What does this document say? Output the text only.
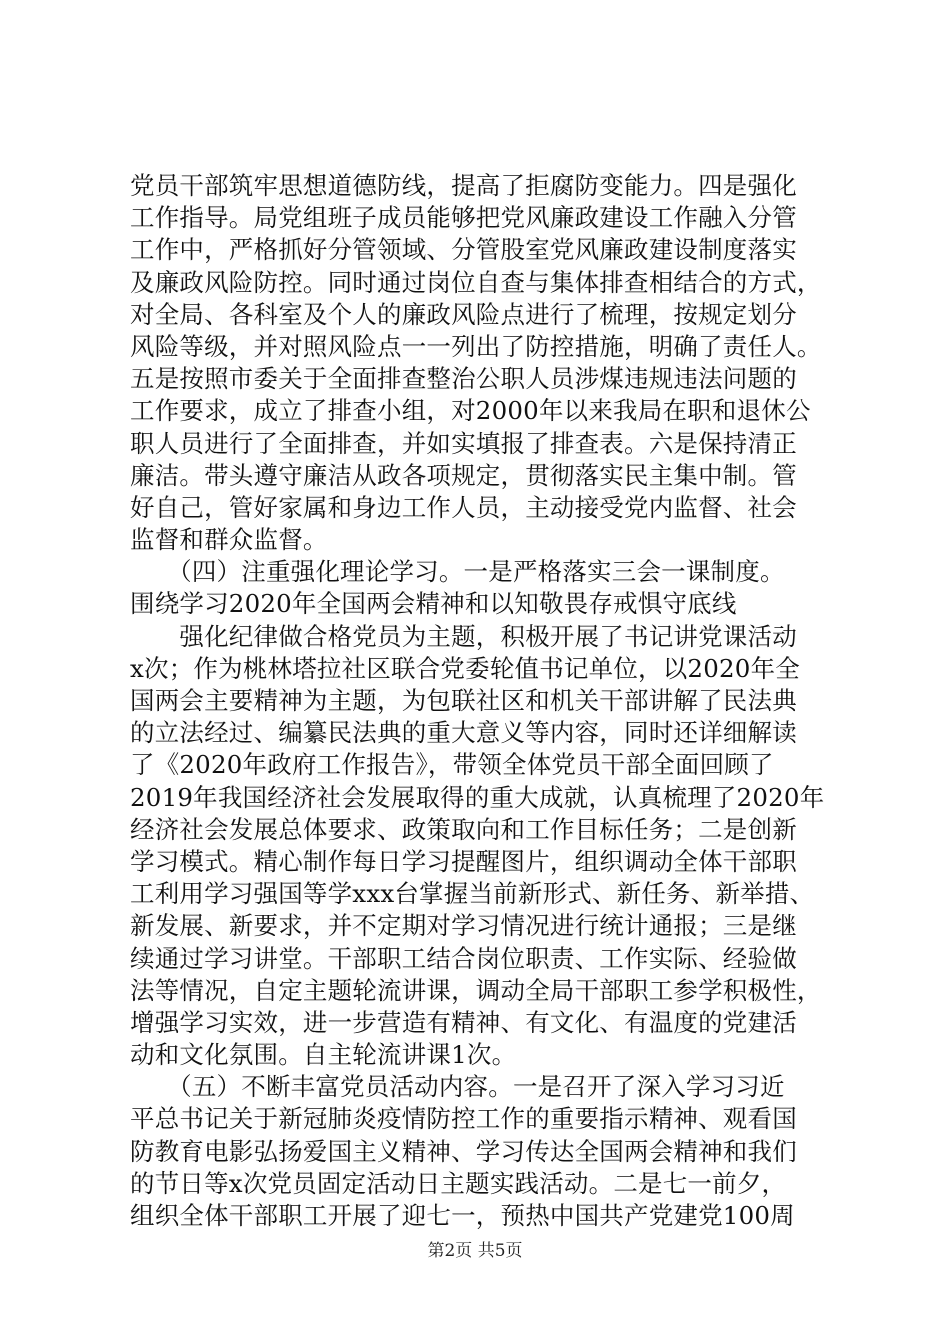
党员干部筑牢思想道德防线，提高了拒腐防变能力。四是强化
工作指导。局党组班子成员能够把党风廉政建设工作融入分管
工作中，严格抓好分管领域、分管股室党风廉政建设制度落实
及廉政风险防控。同时通过岗位自查与集体排查相结合的方式，
对全局、各科室及个人的廉政风险点进行了梳理，按规定划分
风险等级，并对照风险点一一列出了防控措施，明确了责任人。
五是按照市委关于全面排查整治公职人员涉煤违规违法问题的
工作要求，成立了排查小组，对2000年以来我局在职和退休公
职人员进行了全面排查，并如实填报了排查表。六是保持清正
廉洁。带头遵守廉洁从政各项规定，贯彻落实民主集中制。管
好自己，管好家属和身边工作人员，主动接受党内监督、社会
监督和群众监督。
　　（四）注重强化理论学习。一是严格落实三会一课制度。
围绕学习2020年全国两会精神和以知敬畏存戒惧守底线
　　强化纪律做合格党员为主题，积极开展了书记讲党课活动
x次；作为桃林塔拉社区联合党委轮值书记单位，以2020年全
国两会主要精神为主题，为包联社区和机关干部讲解了民法典
的立法经过、编纂民法典的重大意义等内容，同时还详细解读
了《2020年政府工作报告》，带领全体党员干部全面回顾了
2019年我国经济社会发展取得的重大成就，认真梳理了2020年
经济社会发展总体要求、政策取向和工作目标任务；二是创新
学习模式。精心制作每日学习提醒图片，组织调动全体干部职
工利用学习强国等学xxx台掌握当前新形式、新任务、新举措、
新发展、新要求，并不定期对学习情况进行统计通报；三是继
续通过学习讲堂。干部职工结合岗位职责、工作实际、经验做
法等情况，自定主题轮流讲课，调动全局干部职工参学积极性，
增强学习实效，进一步营造有精神、有文化、有温度的党建活
动和文化氛围。自主轮流讲课1次。
　　（五）不断丰富党员活动内容。一是召开了深入学习习近
平总书记关于新冠肺炎疫情防控工作的重要指示精神、观看国
防教育电影弘扬爱国主义精神、学习传达全国两会精神和我们
的节日等x次党员固定活动日主题实践活动。二是七一前夕，
组织全体干部职工开展了迎七一，预热中国共产党建党100周
第2页 共5页
